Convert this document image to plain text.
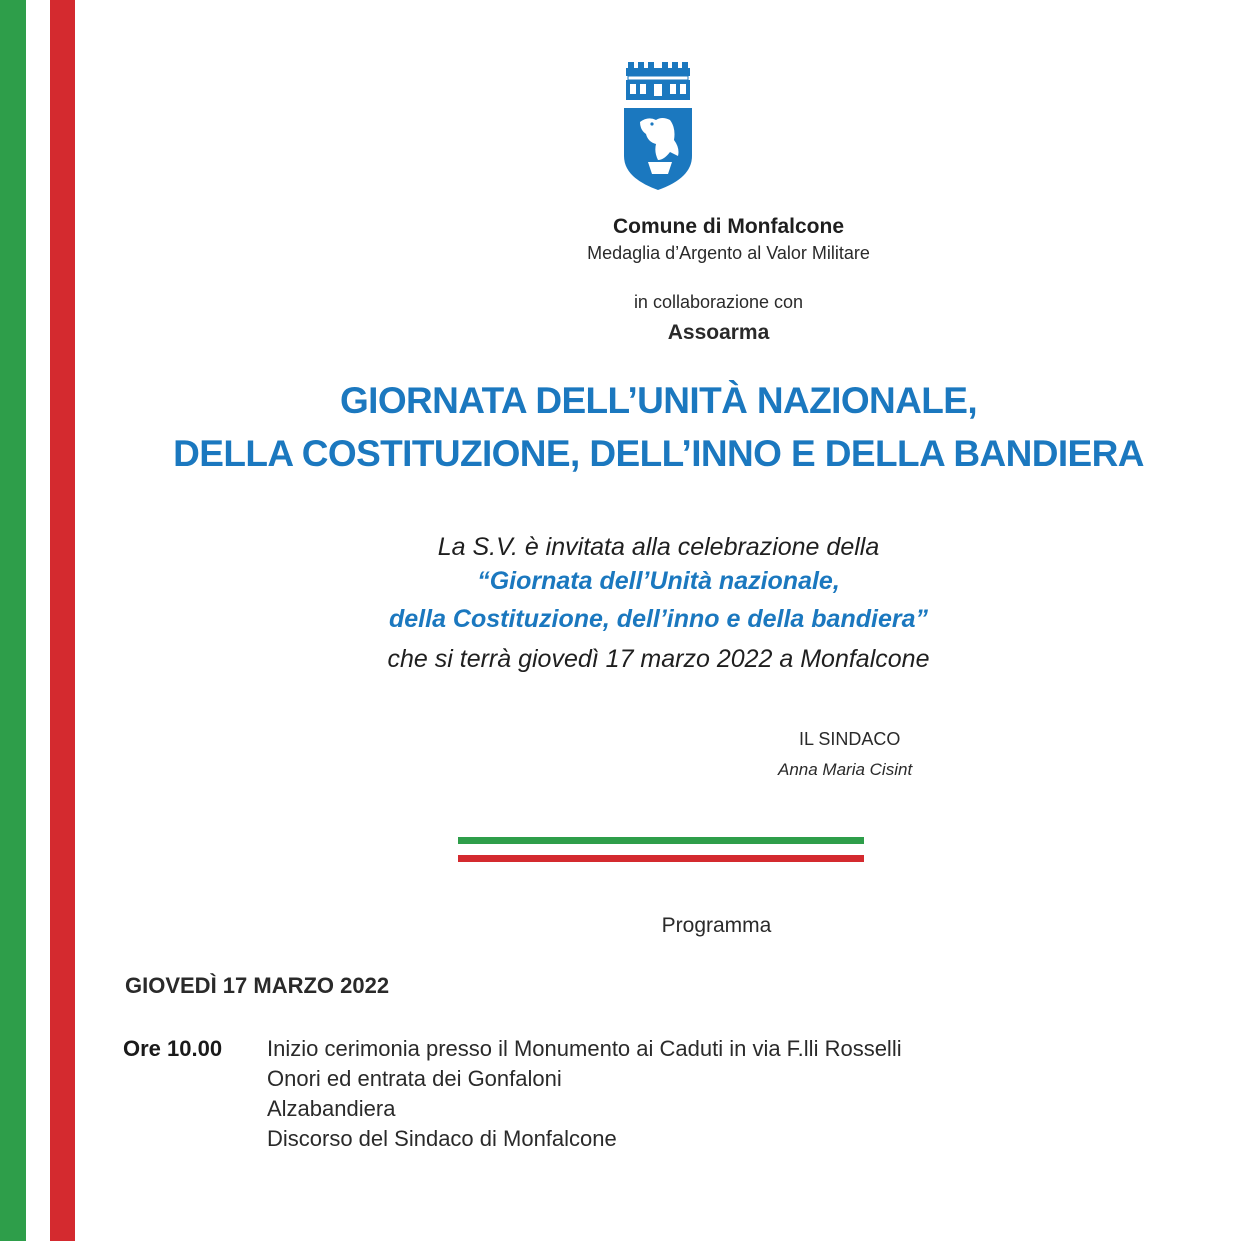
Comune di Monfalcone
Medaglia d’Argento al Valor Militare
in collaborazione con
Assoarma
GIORNATA DELL’UNITÀ NAZIONALE,
DELLA COSTITUZIONE, DELL’INNO E DELLA BANDIERA
La S.V. è invitata alla celebrazione della
“Giornata dell’Unità nazionale,
della Costituzione, dell’inno e della bandiera”
che si terrà giovedì 17 marzo 2022 a Monfalcone
IL SINDACO
Anna Maria Cisint
Programma
GIOVEDÌ 17 MARZO 2022
Ore 10.00 Inizio cerimonia presso il Monumento ai Caduti in via F.lli Rosselli
Onori ed entrata dei Gonfaloni
Alzabandiera
Discorso del Sindaco di Monfalcone
